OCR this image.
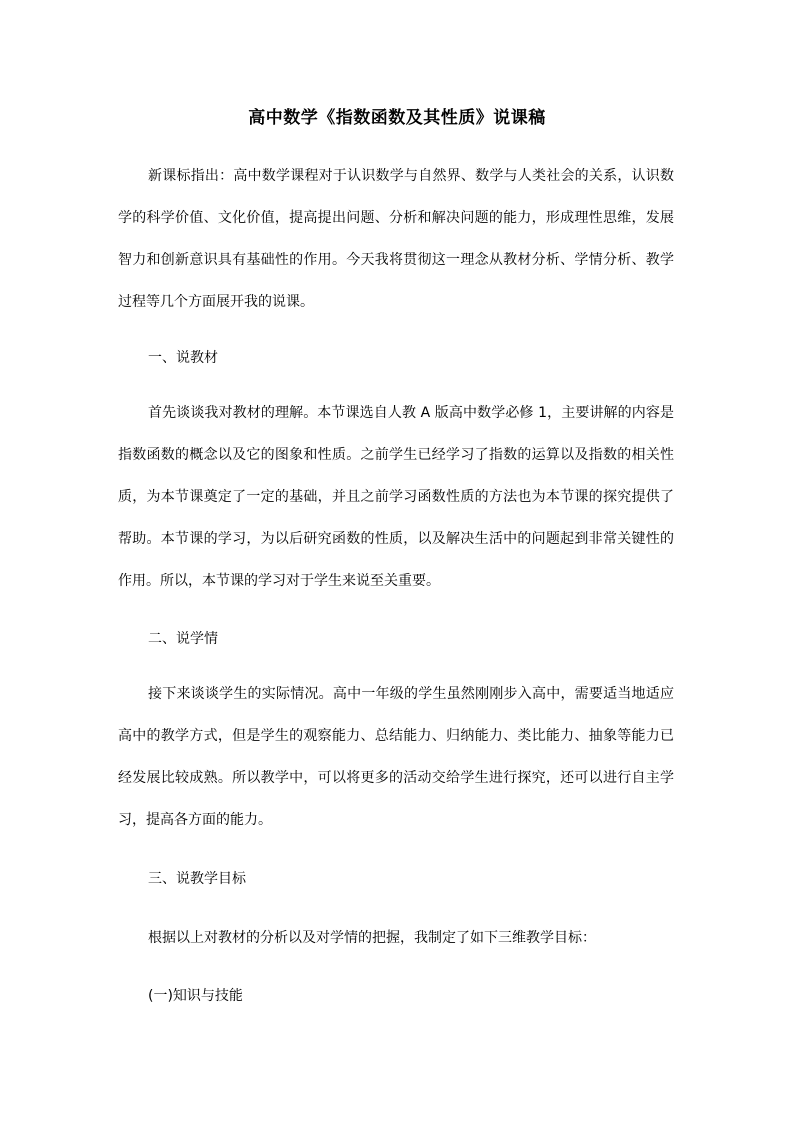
高中数学《指数函数及其性质》说课稿

新课标指出：高中数学课程对于认识数学与自然界、数学与人类社会的关系，认识数学的科学价值、文化价值，提高提出问题、分析和解决问题的能力，形成理性思维，发展智力和创新意识具有基础性的作用。今天我将贯彻这一理念从教材分析、学情分析、教学过程等几个方面展开我的说课。

一、说教材

首先谈谈我对教材的理解。本节课选自人教 A 版高中数学必修 1，主要讲解的内容是指数函数的概念以及它的图象和性质。之前学生已经学习了指数的运算以及指数的相关性质，为本节课奠定了一定的基础，并且之前学习函数性质的方法也为本节课的探究提供了帮助。本节课的学习，为以后研究函数的性质，以及解决生活中的问题起到非常关键性的作用。所以，本节课的学习对于学生来说至关重要。

二、说学情

接下来谈谈学生的实际情况。高中一年级的学生虽然刚刚步入高中，需要适当地适应高中的教学方式，但是学生的观察能力、总结能力、归纳能力、类比能力、抽象等能力已经发展比较成熟。所以教学中，可以将更多的活动交给学生进行探究，还可以进行自主学习，提高各方面的能力。

三、说教学目标

根据以上对教材的分析以及对学情的把握，我制定了如下三维教学目标：

(一)知识与技能
